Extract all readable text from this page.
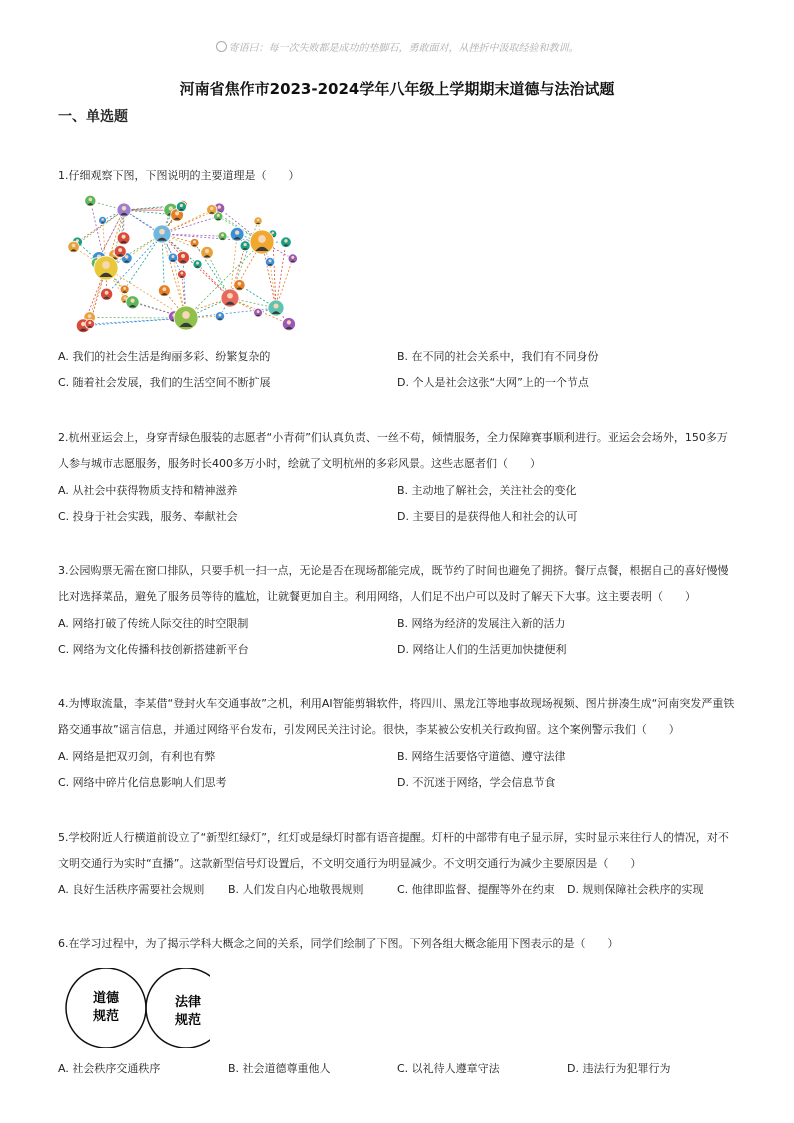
寄语曰：每一次失败都是成功的垫脚石，勇敢面对，从挫折中汲取经验和教训。
河南省焦作市2023-2024学年八年级上学期期末道德与法治试题
一、单选题
1.仔细观察下图，下图说明的主要道理是（　　）
A. 我们的社会生活是绚丽多彩、纷繁复杂的	B. 在不同的社会关系中，我们有不同身份
C. 随着社会发展，我们的生活空间不断扩展	D. 个人是社会这张“大网”上的一个节点
2.杭州亚运会上，身穿青绿色服装的志愿者“小青荷”们认真负责、一丝不苟，倾情服务，全力保障赛事顺利进行。亚运会会场外，150多万人参与城市志愿服务，服务时长400多万小时，绘就了文明杭州的多彩风景。这些志愿者们（　　）
A. 从社会中获得物质支持和精神滋养	B. 主动地了解社会，关注社会的变化
C. 投身于社会实践，服务、奉献社会	D. 主要目的是获得他人和社会的认可
3.公园购票无需在窗口排队，只要手机一扫一点，无论是否在现场都能完成，既节约了时间也避免了拥挤。餐厅点餐，根据自己的喜好慢慢比对选择菜品，避免了服务员等待的尴尬，让就餐更加自主。利用网络，人们足不出户可以及时了解天下大事。这主要表明（　　）
A. 网络打破了传统人际交往的时空限制	B. 网络为经济的发展注入新的活力
C. 网络为文化传播科技创新搭建新平台	D. 网络让人们的生活更加快捷便利
4.为博取流量，李某借“登封火车交通事故”之机，利用AI智能剪辑软件，将四川、黑龙江等地事故现场视频、图片拼凑生成“河南突发严重铁路交通事故”谣言信息，并通过网络平台发布，引发网民关注讨论。很快，李某被公安机关行政拘留。这个案例警示我们（　　）
A. 网络是把双刃剑，有利也有弊	B. 网络生活要恪守道德、遵守法律
C. 网络中碎片化信息影响人们思考	D. 不沉迷于网络，学会信息节食
5.学校附近人行横道前设立了“新型红绿灯”，红灯或是绿灯时都有语音提醒。灯杆的中部带有电子显示屏，实时显示来往行人的情况，对不文明交通行为实时“直播”。这款新型信号灯设置后，不文明交通行为明显减少。不文明交通行为减少主要原因是（　　）
A. 良好生活秩序需要社会规则 B. 人们发自内心地敬畏规则	C. 他律即监督、提醒等外在约束 D. 规则保障社会秩序的实现
6.在学习过程中，为了揭示学科大概念之间的关系，同学们绘制了下图。下列各组大概念能用下图表示的是（　　）
道德
规范
法律
规范
A. 社会秩序交通秩序	B. 社会道德尊重他人	C. 以礼待人遵章守法	D. 违法行为犯罪行为
